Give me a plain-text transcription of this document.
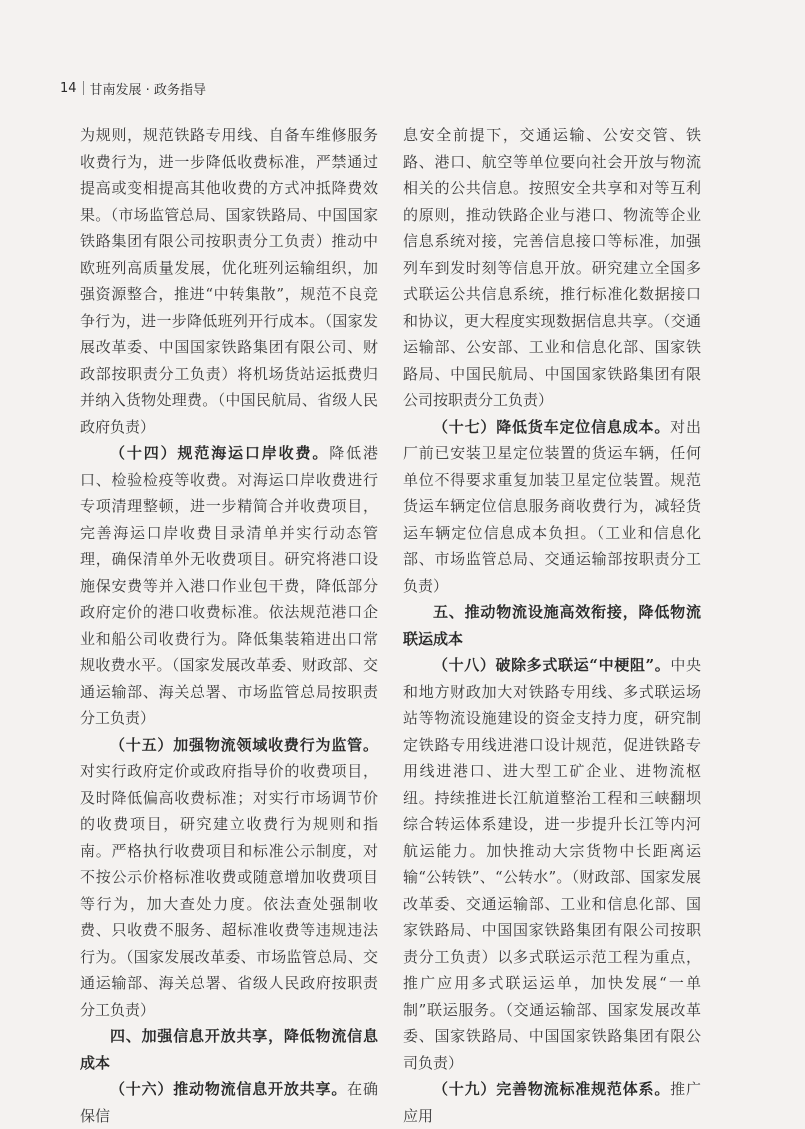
14 甘南发展 · 政务指导

为规则，规范铁路专用线、自备车维修服务收费行为，进一步降低收费标准，严禁通过提高或变相提高其他收费的方式冲抵降费效果。（市场监管总局、国家铁路局、中国国家铁路集团有限公司按职责分工负责）推动中欧班列高质量发展，优化班列运输组织，加强资源整合，推进“中转集散”，规范不良竞争行为，进一步降低班列开行成本。（国家发展改革委、中国国家铁路集团有限公司、财政部按职责分工负责）将机场货站运抵费归并纳入货物处理费。（中国民航局、省级人民政府负责）

（十四）规范海运口岸收费。降低港口、检验检疫等收费。对海运口岸收费进行专项清理整顿，进一步精简合并收费项目，完善海运口岸收费目录清单并实行动态管理，确保清单外无收费项目。研究将港口设施保安费等并入港口作业包干费，降低部分政府定价的港口收费标准。依法规范港口企业和船公司收费行为。降低集装箱进出口常规收费水平。（国家发展改革委、财政部、交通运输部、海关总署、市场监管总局按职责分工负责）

（十五）加强物流领域收费行为监管。对实行政府定价或政府指导价的收费项目，及时降低偏高收费标准；对实行市场调节价的收费项目，研究建立收费行为规则和指南。严格执行收费项目和标准公示制度，对不按公示价格标准收费或随意增加收费项目等行为，加大查处力度。依法查处强制收费、只收费不服务、超标准收费等违规违法行为。（国家发展改革委、市场监管总局、交通运输部、海关总署、省级人民政府按职责分工负责）

四、加强信息开放共享，降低物流信息成本

（十六）推动物流信息开放共享。在确保信

息安全前提下，交通运输、公安交管、铁路、港口、航空等单位要向社会开放与物流相关的公共信息。按照安全共享和对等互利的原则，推动铁路企业与港口、物流等企业信息系统对接，完善信息接口等标准，加强列车到发时刻等信息开放。研究建立全国多式联运公共信息系统，推行标准化数据接口和协议，更大程度实现数据信息共享。（交通运输部、公安部、工业和信息化部、国家铁路局、中国民航局、中国国家铁路集团有限公司按职责分工负责）

（十七）降低货车定位信息成本。对出厂前已安装卫星定位装置的货运车辆，任何单位不得要求重复加装卫星定位装置。规范货运车辆定位信息服务商收费行为，减轻货运车辆定位信息成本负担。（工业和信息化部、市场监管总局、交通运输部按职责分工负责）

五、推动物流设施高效衔接，降低物流联运成本

（十八）破除多式联运“中梗阻”。中央和地方财政加大对铁路专用线、多式联运场站等物流设施建设的资金支持力度，研究制定铁路专用线进港口设计规范，促进铁路专用线进港口、进大型工矿企业、进物流枢纽。持续推进长江航道整治工程和三峡翻坝综合转运体系建设，进一步提升长江等内河航运能力。加快推动大宗货物中长距离运输“公转铁”、“公转水”。（财政部、国家发展改革委、交通运输部、工业和信息化部、国家铁路局、中国国家铁路集团有限公司按职责分工负责）以多式联运示范工程为重点，推广应用多式联运运单，加快发展“一单制”联运服务。（交通运输部、国家发展改革委、国家铁路局、中国国家铁路集团有限公司负责）

（十九）完善物流标准规范体系。推广应用
